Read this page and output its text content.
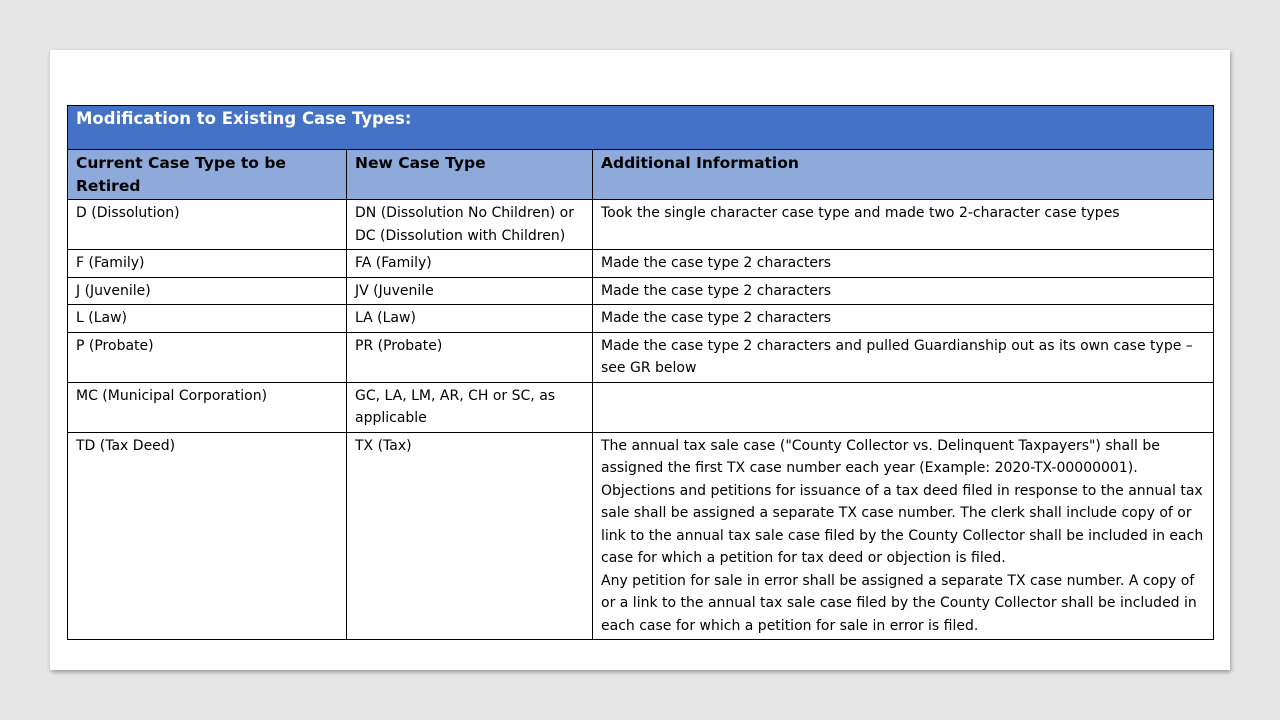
Modification to Existing Case Types:		
Current Case Type to be Retired	New Case Type	Additional Information
D (Dissolution)	DN (Dissolution No Children) or DC (Dissolution with Children)	Took the single character case type and made two 2-character case types

F (Family)	FA (Family)	Made the case type 2 characters

J (Juvenile)	JV (Juvenile	Made the case type 2 characters

L (Law)	LA (Law)	Made the case type 2 characters

P (Probate)	PR (Probate)	Made the case type 2 characters and pulled Guardianship out as its own case type – see GR below

MC (Municipal Corporation)	GC, LA, LM, AR, CH or SC, as applicable	

TD (Tax Deed)	TX (Tax)	The annual tax sale case ("County Collector vs. Delinquent Taxpayers") shall be assigned the first TX case number each year (Example: 2020-TX-00000001).
Objections and petitions for issuance of a tax deed filed in response to the annual tax sale shall be assigned a separate TX case number. The clerk shall include copy of or link to the annual tax sale case filed by the County Collector shall be included in each case for which a petition for tax deed or objection is filed.
Any petition for sale in error shall be assigned a separate TX case number. A copy of or a link to the annual tax sale case filed by the County Collector shall be included in each case for which a petition for sale in error is filed.
